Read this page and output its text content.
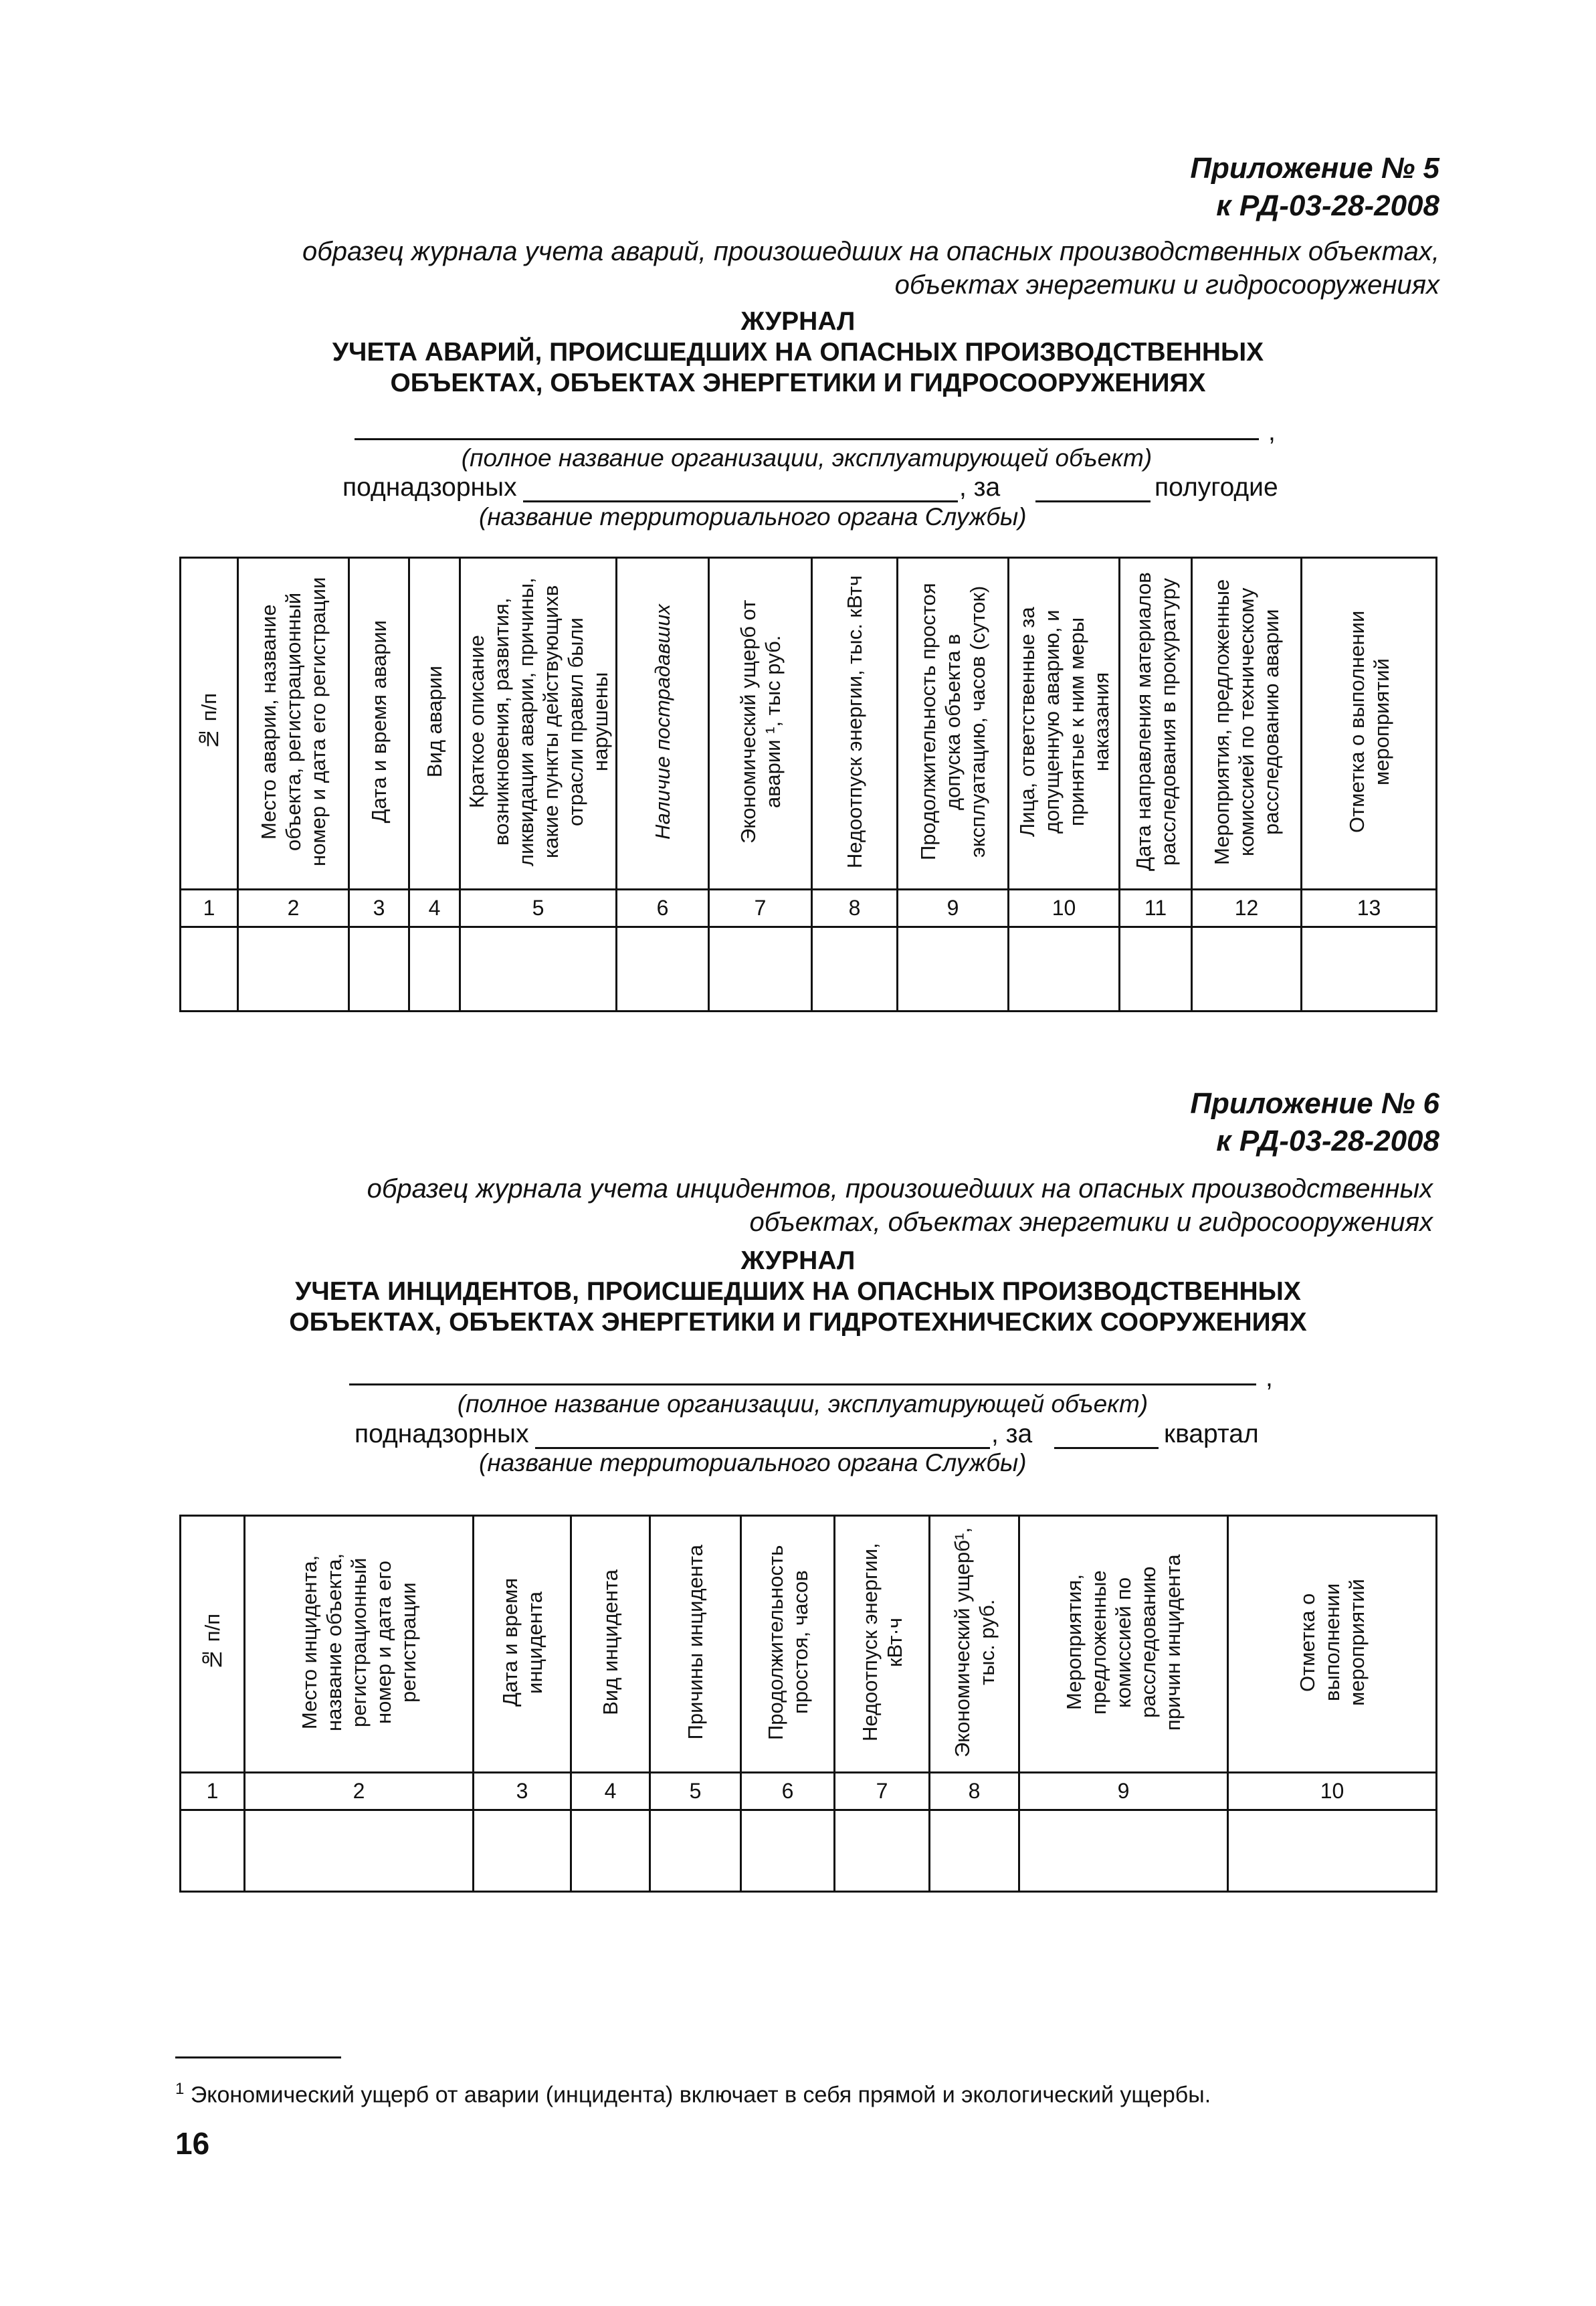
Приложение № 5
к РД-03-28-2008
образец журнала учета аварий, произошедших на опасных производственных объектах,
объектах энергетики и гидросооружениях
ЖУРНАЛ
УЧЕТА АВАРИЙ, ПРОИСШЕДШИХ НА ОПАСНЫХ ПРОИЗВОДСТВЕННЫХ
ОБЪЕКТАХ, ОБЪЕКТАХ ЭНЕРГЕТИКИ И ГИДРОСООРУЖЕНИЯХ
,
(полное название организации, эксплуатирующей объект)
поднадзорных	, за	полугодие
(название территориального органа Службы)
№ п/п	Место аварии, название объекта, регистрационный номер и дата его регистрации	Дата и время аварии	Вид аварии	Краткое описание возникновения, развития, ликвидации аварии, причины, какие пункты действующихв отрасли правил были нарушены	Наличие пострадавших	Экономический ущерб от аварии ¹, тыс руб.	Недоотпуск энергии, тыс. кВтч	Продолжительность простоя допуска объекта в эксплуатацию, часов (суток)	Лица, ответственные за допущенную аварию, и принятые к ним меры наказания	Дата направления материалов расследования в прокуратуру	Мероприятия, предложенные комиссией по техническому расследованию аварии	Отметка о выполнении мероприятий
1	2	3	4	5	6	7	8	9	10	11	12	13

Приложение № 6
к РД-03-28-2008
образец журнала учета инцидентов, произошедших на опасных производственных
объектах, объектах энергетики и гидросооружениях
ЖУРНАЛ
УЧЕТА ИНЦИДЕНТОВ, ПРОИСШЕДШИХ НА ОПАСНЫХ ПРОИЗВОДСТВЕННЫХ
ОБЪЕКТАХ, ОБЪЕКТАХ ЭНЕРГЕТИКИ И ГИДРОТЕХНИЧЕСКИХ СООРУЖЕНИЯХ
,
(полное название организации, эксплуатирующей объект)
поднадзорных	, за	квартал
(название территориального органа Службы)
№ п/п	Место инцидента, название объекта, регистрационный номер и дата его регистрации	Дата и время инцидента	Вид инцидента	Причины инцидента	Продолжительность простоя, часов	Недоотпуск энергии, кВт·ч	Экономический ущерб¹, тыс. руб.	Мероприятия, предложенные комиссией по расследованию причин инцидента	Отметка о выполнении мероприятий
1	2	3	4	5	6	7	8	9	10

$^1$ Экономический ущерб от аварии (инцидента) включает в себя прямой и экологический ущербы.
16
